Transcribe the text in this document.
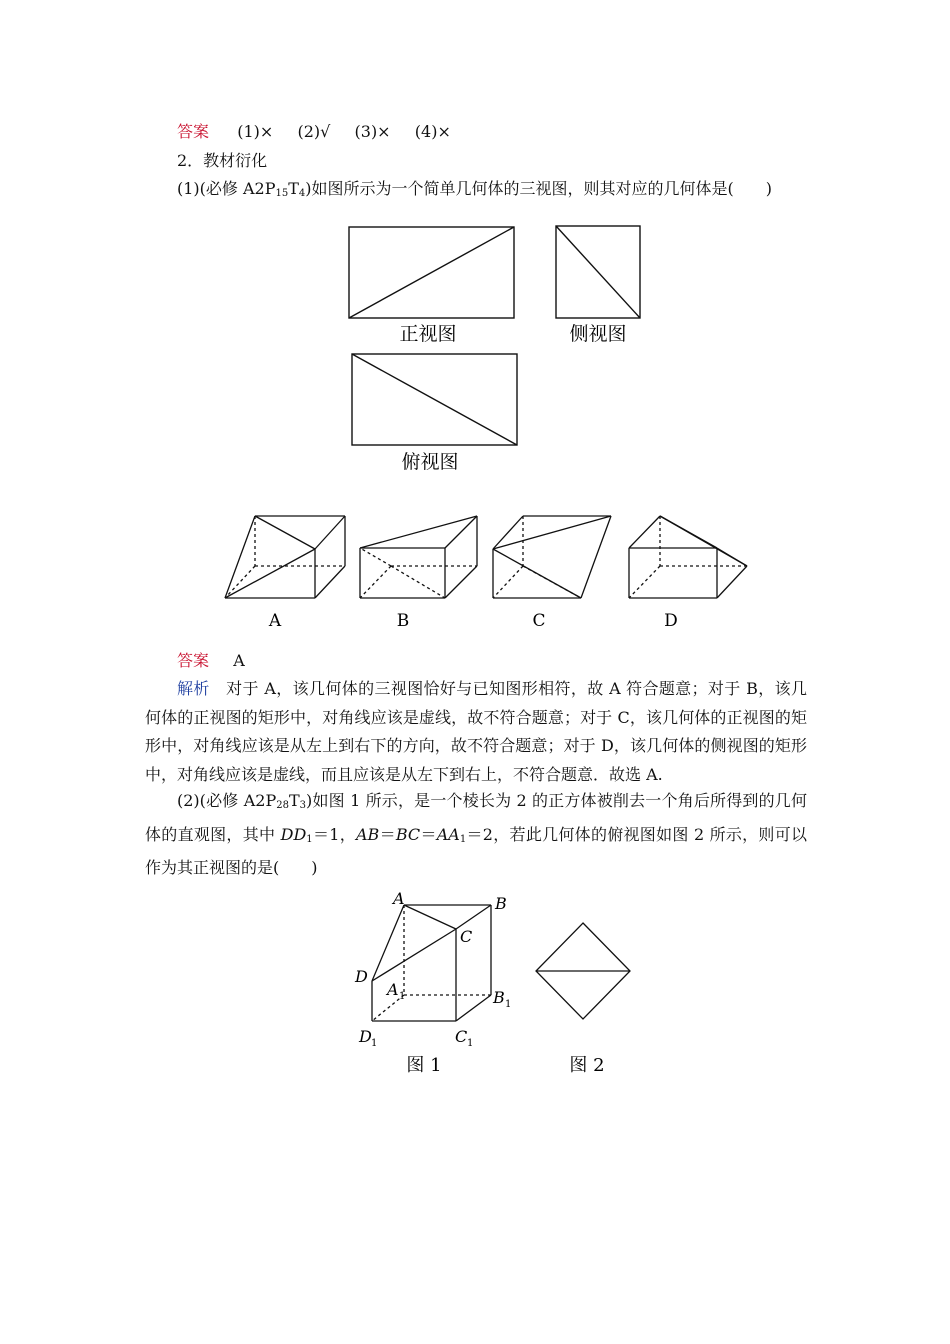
答案 (1)× (2)√ (3)× (4)×
2．教材衍化
(1)(必修 $A2P_{15}T_4$)如图所示为一个简单几何体的三视图，则其对应的几何体是(　　)
正视图	侧视图
俯视图
A	B	C	D
答案 A
解析　 对于 A，该几何体的三视图恰好与已知图形相符，故 A 符合题意；对于 B，该几何体的正视图的矩形中，对角线应该是虚线，故不符合题意；对于 C，该几何体的正视图的矩形中，对角线应该是从左上到右下的方向，故不符合题意；对于 D，该几何体的侧视图的矩形中，对角线应该是虚线，而且应该是从左下到右上，不符合题意．故选 A.
(2)(必修 $A2P_{28}T_3$)如图 1 所示，是一个棱长为 2 的正方体被削去一个角后所得到的几何体的直观图，其中 $DD_1=1$，$AB=BC=AA_1=2$，若此几何体的俯视图如图 2 所示，则可以作为其正视图的是(　　)
A	B
C
D
A	B
C
D
1
1
1
1
图 1	图 2
